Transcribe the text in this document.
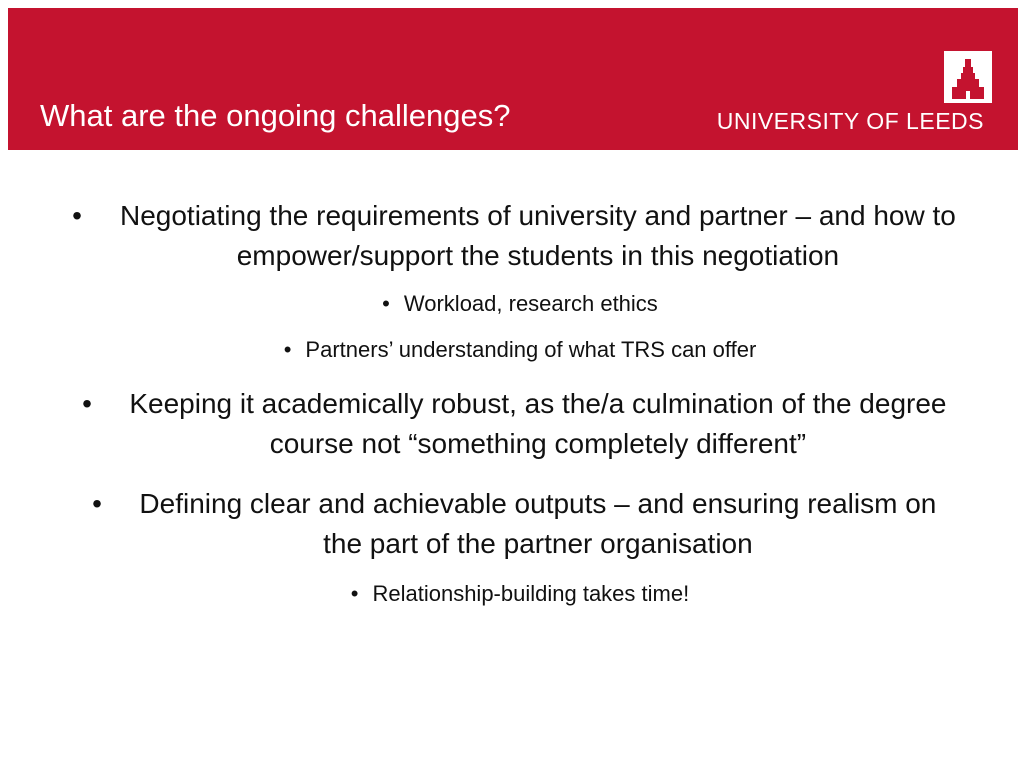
What are the ongoing challenges?	UNIVERSITY OF LEEDS
•	Negotiating the requirements of university and partner – and how to empower/support the students in this negotiation
• Workload, research ethics
• Partners’ understanding of what TRS can offer
•	Keeping it academically robust, as the/a culmination of the degree course not “something completely different”
•	Defining clear and achievable outputs – and ensuring realism on the part of the partner organisation
• Relationship-building takes time!
